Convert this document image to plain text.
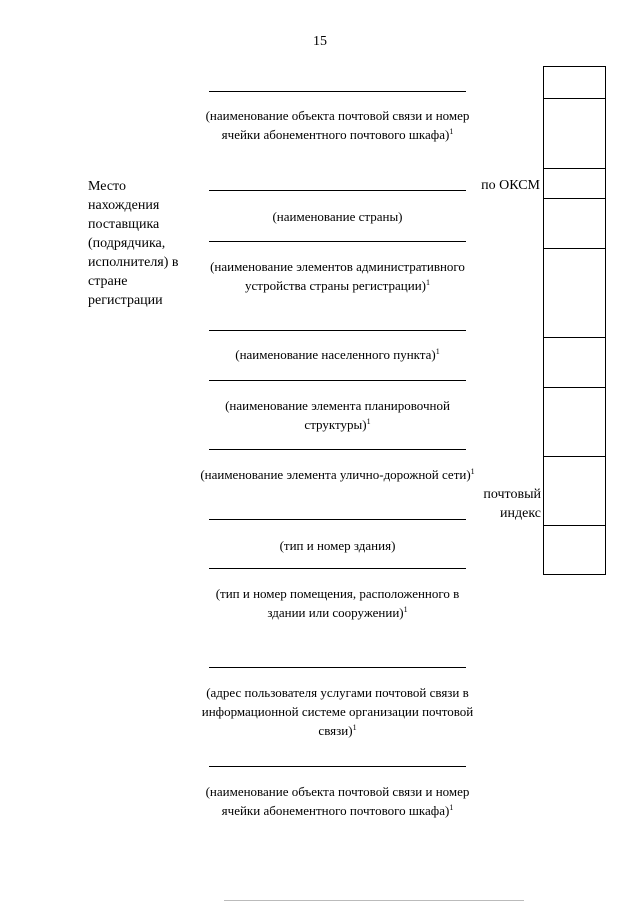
15
Место нахождения поставщика (подрядчика, исполнителя) в стране регистрации
(наименование объекта почтовой связи и номер ячейки абонементного почтового шкафа)$^1$
(наименование страны)
(наименование элементов административного устройства страны регистрации)$^1$
(наименование населенного пункта)$^1$
(наименование элемента планировочной структуры)$^1$
(наименование элемента улично-дорожной сети)$^1$
(тип и номер здания)
(тип и номер помещения, расположенного в здании или сооружении)$^1$
(адрес пользователя услугами почтовой связи в информационной системе организации почтовой связи)$^1$
(наименование объекта почтовой связи и номер ячейки абонементного почтового шкафа)$^1$
по ОКСМ
почтовый
индекс
